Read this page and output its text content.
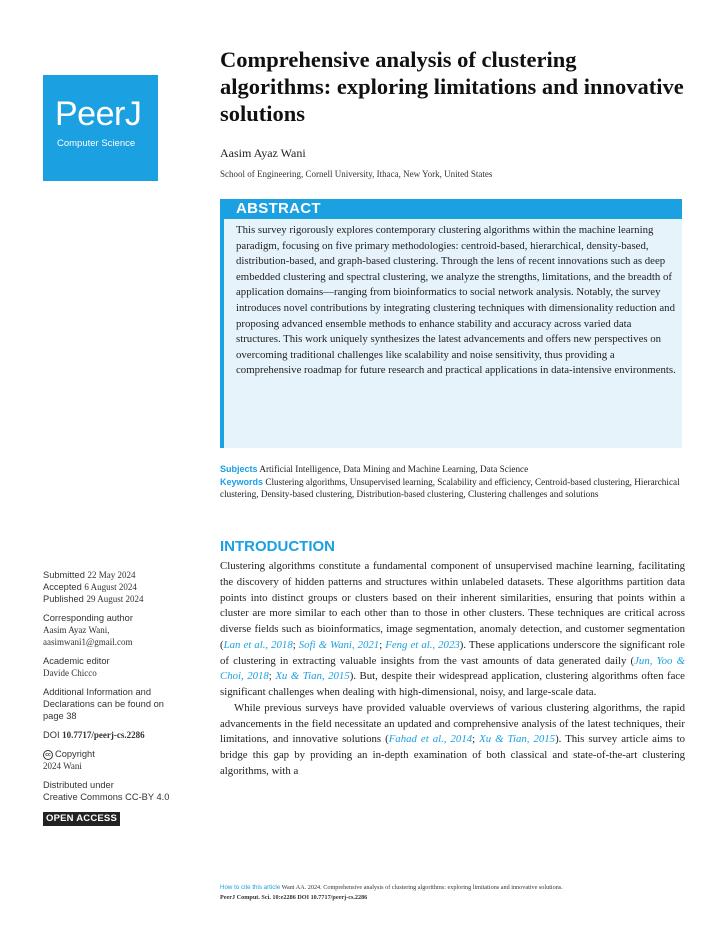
PeerJ
Computer Science
Comprehensive analysis of clustering algorithms: exploring limitations and innovative solutions
Aasim Ayaz Wani
School of Engineering, Cornell University, Ithaca, New York, United States
ABSTRACT
This survey rigorously explores contemporary clustering algorithms within the machine learning paradigm, focusing on five primary methodologies: centroid-based, hierarchical, density-based, distribution-based, and graph-based clustering. Through the lens of recent innovations such as deep embedded clustering and spectral clustering, we analyze the strengths, limitations, and the breadth of application domains—ranging from bioinformatics to social network analysis. Notably, the survey introduces novel contributions by integrating clustering techniques with dimensionality reduction and proposing advanced ensemble methods to enhance stability and accuracy across varied data structures. This work uniquely synthesizes the latest advancements and offers new perspectives on overcoming traditional challenges like scalability and noise sensitivity, thus providing a comprehensive roadmap for future research and practical applications in data-intensive environments.
Subjects Artificial Intelligence, Data Mining and Machine Learning, Data Science
Keywords Clustering algorithms, Unsupervised learning, Scalability and efficiency, Centroid-based clustering, Hierarchical clustering, Density-based clustering, Distribution-based clustering, Clustering challenges and solutions
INTRODUCTION

Clustering algorithms constitute a fundamental component of unsupervised machine learning, facilitating the discovery of hidden patterns and structures within unlabeled datasets. These algorithms partition data points into distinct groups or clusters based on their inherent similarities, ensuring that points within a cluster are more similar to each other than to those in other clusters. These techniques are critical across diverse fields such as bioinformatics, image segmentation, anomaly detection, and customer segmentation (Lan et al., 2018; Sofi & Wani, 2021; Feng et al., 2023). These applications underscore the significant role of clustering in extracting valuable insights from the vast amounts of data generated daily (Jun, Yoo & Choi, 2018; Xu & Tian, 2015). But, despite their widespread application, clustering algorithms often face significant challenges when dealing with high-dimensional, noisy, and large-scale data.

While previous surveys have provided valuable overviews of various clustering algorithms, the rapid advancements in the field necessitate an updated and comprehensive analysis of the latest techniques, their limitations, and innovative solutions (Fahad et al., 2014; Xu & Tian, 2015). This survey article aims to bridge this gap by providing an in-depth examination of both classical and state-of-the-art clustering algorithms, with a

Submitted 22 May 2024
Accepted 6 August 2024
Published 29 August 2024
Corresponding author
Aasim Ayaz Wani,
aasimwani1@gmail.com
Academic editor
Davide Chicco
Additional Information and
Declarations can be found on
page 38
DOI 10.7717/peerj-cs.2286
cc Copyright
2024 Wani
Distributed under
Creative Commons CC-BY 4.0
OPEN ACCESS
How to cite this article Wani AA. 2024. Comprehensive analysis of clustering algorithms: exploring limitations and innovative solutions.
PeerJ Comput. Sci. 10:e2286 DOI 10.7717/peerj-cs.2286
